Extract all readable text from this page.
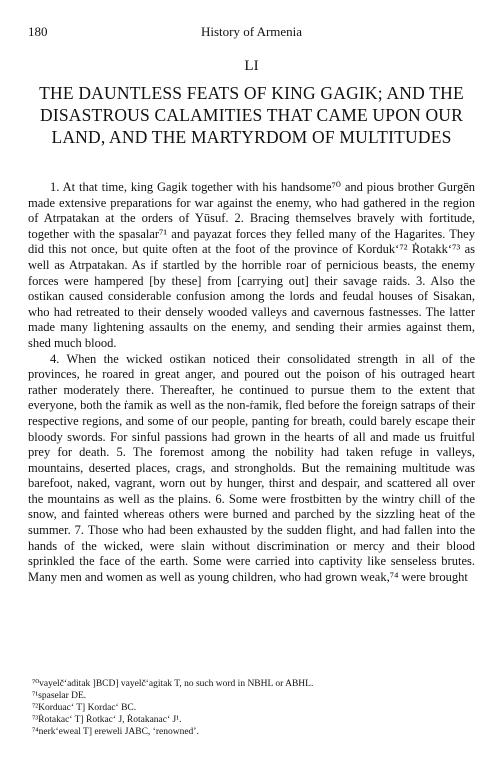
180	History of Armenia
LI
THE DAUNTLESS FEATS OF KING GAGIK; AND THE DISASTROUS CALAMITIES THAT CAME UPON OUR LAND, AND THE MARTYRDOM OF MULTITUDES

1. At that time, king Gagik together with his handsome⁷⁰ and pious brother Gurgēn made extensive preparations for war against the enemy, who had gathered in the region of Atrpatakan at the orders of Yūsuf. 2. Bracing themselves bravely with fortitude, together with the spasalar⁷¹ and payazat forces they felled many of the Hagarites. They did this not once, but quite often at the foot of the province of Korduk‘⁷² Ṙotakk‘⁷³ as well as Atrpatakan. As if startled by the horrible roar of pernicious beasts, the enemy forces were hampered [by these] from [carrying out] their savage raids. 3. Also the ostikan caused considerable confusion among the lords and feudal houses of Sisakan, who had retreated to their densely wooded valleys and cavernous fastnesses. The latter made many lightening assaults on the enemy, and sending their armies against them, shed much blood.

4. When the wicked ostikan noticed their consolidated strength in all of the provinces, he roared in great anger, and poured out the poison of his outraged heart rather moderately there. Thereafter, he continued to pursue them to the extent that everyone, both the ṙamik as well as the non-ṙamik, fled before the foreign satraps of their respective regions, and some of our people, panting for breath, could barely escape their bloody swords. For sinful passions had grown in the hearts of all and made us fruitful prey for death. 5. The foremost among the nobility had taken refuge in valleys, mountains, deserted places, crags, and strongholds. But the remaining multitude was barefoot, naked, vagrant, worn out by hunger, thirst and despair, and scattered all over the mountains as well as the plains. 6. Some were frostbitten by the wintry chill of the snow, and fainted whereas others were burned and parched by the sizzling heat of the summer. 7. Those who had been exhausted by the sudden flight, and had fallen into the hands of the wicked, were slain without discrimination or mercy and their blood sprinkled the face of the earth. Some were carried into captivity like senseless brutes. Many men and women as well as young children, who had grown weak,⁷⁴ were brought

⁷⁰vayelč‘aditak ]BCD] vayelč‘agitak T, no such word in NBHL or ABHL.
⁷¹spaselar DE.
⁷²Korduac‘ T] Kordac‘ BC.
⁷³Ṙotakac‘ T] Ṙotkac‘ J, Ṙotakanac‘ J¹.
⁷⁴nerk‘eweal T] ereweli JABC, ‘renowned’.
